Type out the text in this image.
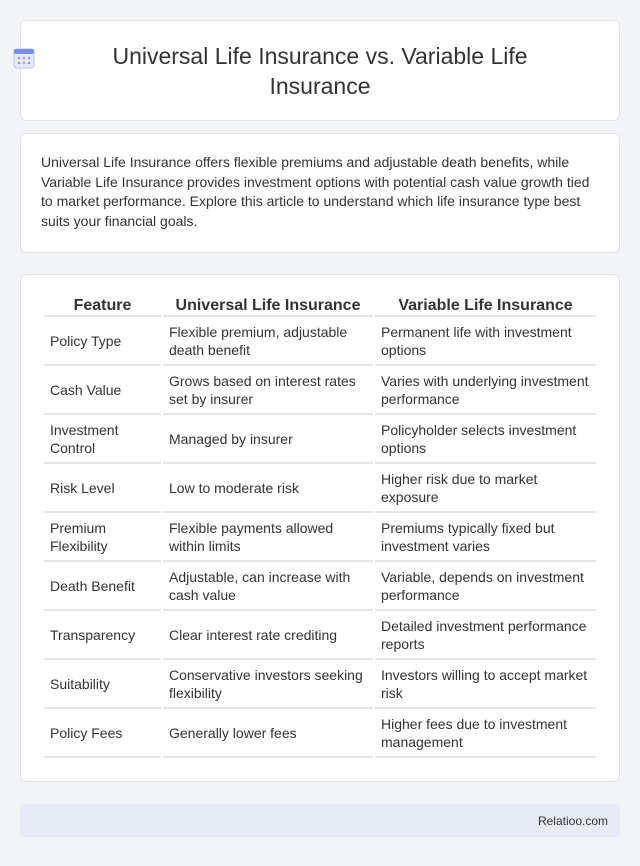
Universal Life Insurance vs. Variable Life Insurance

Universal Life Insurance offers flexible premiums and adjustable death benefits, while Variable Life Insurance provides investment options with potential cash value growth tied to market performance. Explore this article to understand which life insurance type best suits your financial goals.

Feature	Universal Life Insurance	Variable Life Insurance
Policy Type	Flexible premium, adjustable death benefit	Permanent life with investment options
Cash Value	Grows based on interest rates set by insurer	Varies with underlying investment performance
Investment Control	Managed by insurer	Policyholder selects investment options
Risk Level	Low to moderate risk	Higher risk due to market exposure
Premium Flexibility	Flexible payments allowed within limits	Premiums typically fixed but investment varies
Death Benefit	Adjustable, can increase with cash value	Variable, depends on investment performance
Transparency	Clear interest rate crediting	Detailed investment performance reports
Suitability	Conservative investors seeking flexibility	Investors willing to accept market risk
Policy Fees	Generally lower fees	Higher fees due to investment management
Relatioo.com
